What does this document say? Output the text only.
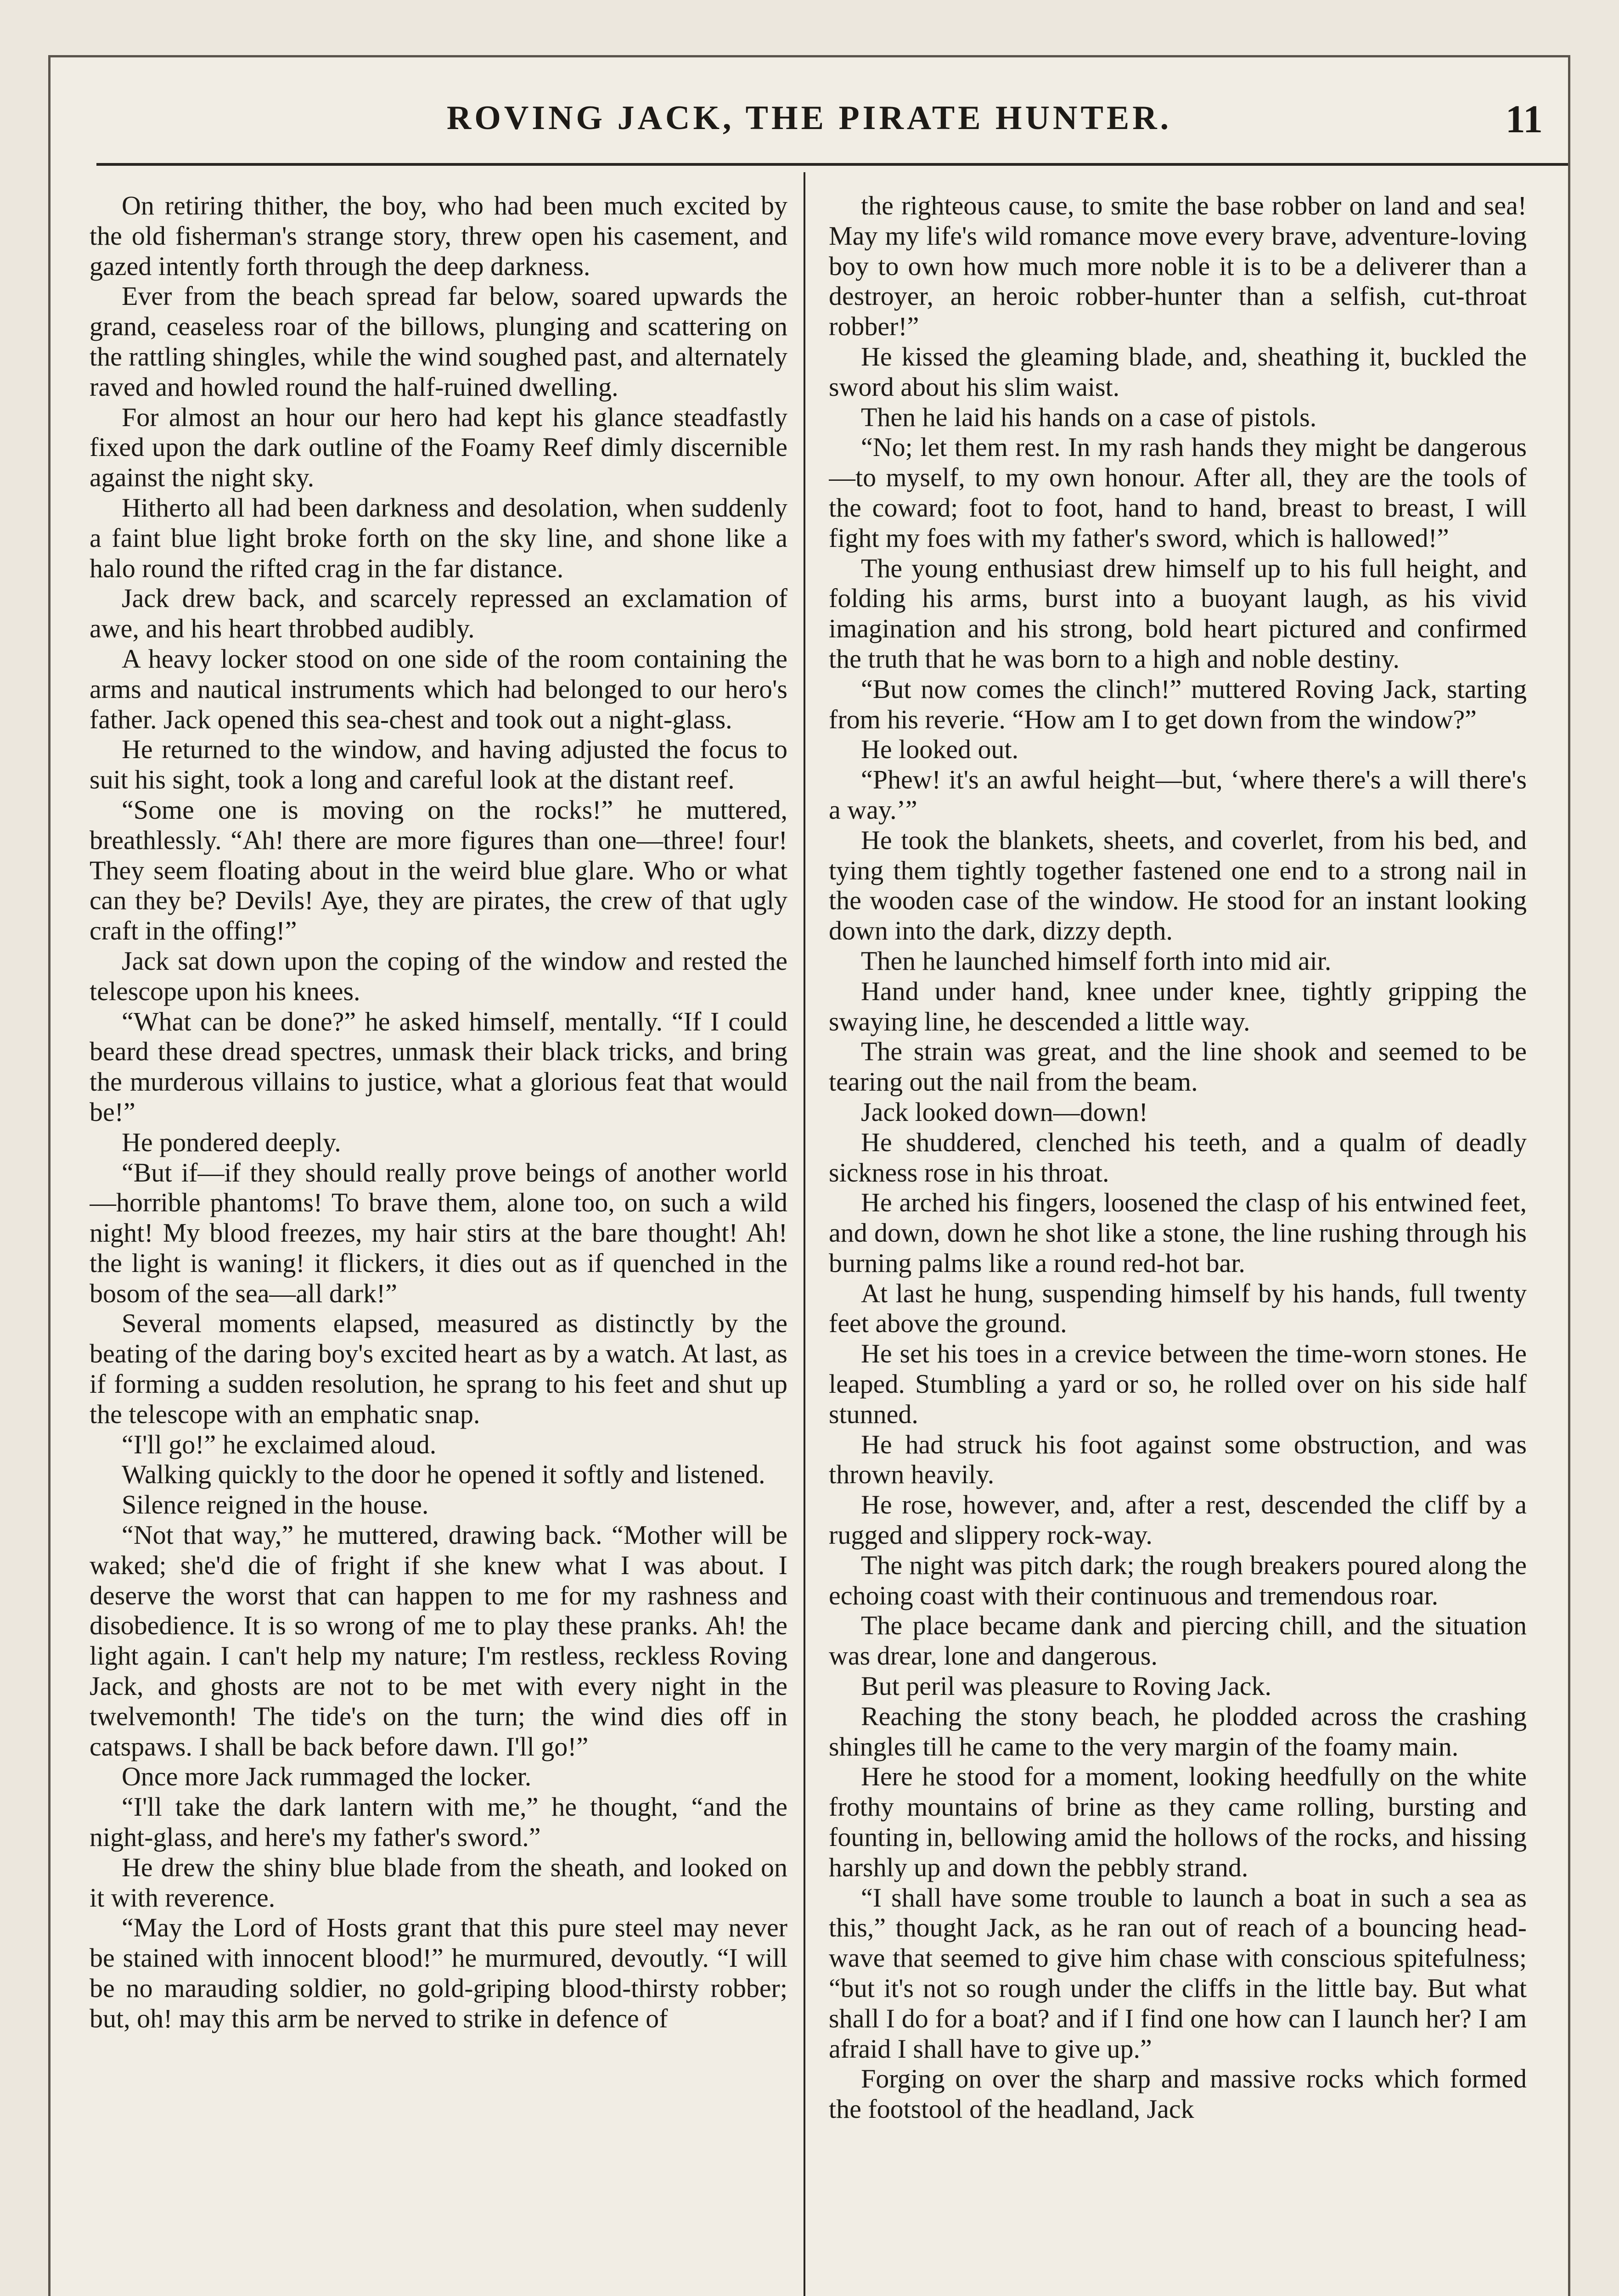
ROVING JACK, THE PIRATE HUNTER.	11

On retiring thither, the boy, who had been much excited by the old fisherman's strange story, threw open his casement, and gazed intently forth through the deep darkness.

Ever from the beach spread far below, soared upwards the grand, ceaseless roar of the billows, plunging and scattering on the rattling shingles, while the wind soughed past, and alternately raved and howled round the half-ruined dwelling.

For almost an hour our hero had kept his glance steadfastly fixed upon the dark outline of the Foamy Reef dimly discernible against the night sky.

Hitherto all had been darkness and desolation, when suddenly a faint blue light broke forth on the sky line, and shone like a halo round the rifted crag in the far distance.

Jack drew back, and scarcely repressed an exclamation of awe, and his heart throbbed audibly.

A heavy locker stood on one side of the room containing the arms and nautical instruments which had belonged to our hero's father. Jack opened this sea-chest and took out a night-glass.

He returned to the window, and having adjusted the focus to suit his sight, took a long and careful look at the distant reef.

“Some one is moving on the rocks!” he muttered, breathlessly. “Ah! there are more figures than one—three! four! They seem floating about in the weird blue glare. Who or what can they be? Devils! Aye, they are pirates, the crew of that ugly craft in the offing!”

Jack sat down upon the coping of the window and rested the telescope upon his knees.

“What can be done?” he asked himself, mentally. “If I could beard these dread spectres, unmask their black tricks, and bring the murderous villains to justice, what a glorious feat that would be!”

He pondered deeply.

“But if—if they should really prove beings of another world—horrible phantoms! To brave them, alone too, on such a wild night! My blood freezes, my hair stirs at the bare thought! Ah! the light is waning! it flickers, it dies out as if quenched in the bosom of the sea—all dark!”

Several moments elapsed, measured as distinctly by the beating of the daring boy's excited heart as by a watch. At last, as if forming a sudden resolution, he sprang to his feet and shut up the telescope with an emphatic snap.

“I'll go!” he exclaimed aloud.

Walking quickly to the door he opened it softly and listened.

Silence reigned in the house.

“Not that way,” he muttered, drawing back. “Mother will be waked; she'd die of fright if she knew what I was about. I deserve the worst that can happen to me for my rashness and disobedience. It is so wrong of me to play these pranks. Ah! the light again. I can't help my nature; I'm restless, reckless Roving Jack, and ghosts are not to be met with every night in the twelvemonth! The tide's on the turn; the wind dies off in catspaws. I shall be back before dawn. I'll go!”

Once more Jack rummaged the locker.

“I'll take the dark lantern with me,” he thought, “and the night-glass, and here's my father's sword.”

He drew the shiny blue blade from the sheath, and looked on it with reverence.

“May the Lord of Hosts grant that this pure steel may never be stained with innocent blood!” he murmured, devoutly. “I will be no marauding soldier, no gold-griping blood-thirsty robber; but, oh! may this arm be nerved to strike in defence of

the righteous cause, to smite the base robber on land and sea! May my life's wild romance move every brave, adventure-loving boy to own how much more noble it is to be a deliverer than a destroyer, an heroic robber-hunter than a selfish, cut-throat robber!”

He kissed the gleaming blade, and, sheathing it, buckled the sword about his slim waist.

Then he laid his hands on a case of pistols.

“No; let them rest. In my rash hands they might be dangerous—to myself, to my own honour. After all, they are the tools of the coward; foot to foot, hand to hand, breast to breast, I will fight my foes with my father's sword, which is hallowed!”

The young enthusiast drew himself up to his full height, and folding his arms, burst into a buoyant laugh, as his vivid imagination and his strong, bold heart pictured and confirmed the truth that he was born to a high and noble destiny.

“But now comes the clinch!” muttered Roving Jack, starting from his reverie. “How am I to get down from the window?”

He looked out.

“Phew! it's an awful height—but, ‘where there's a will there's a way.’”

He took the blankets, sheets, and coverlet, from his bed, and tying them tightly together fastened one end to a strong nail in the wooden case of the window. He stood for an instant looking down into the dark, dizzy depth.

Then he launched himself forth into mid air.

Hand under hand, knee under knee, tightly gripping the swaying line, he descended a little way.

The strain was great, and the line shook and seemed to be tearing out the nail from the beam.

Jack looked down—down!

He shuddered, clenched his teeth, and a qualm of deadly sickness rose in his throat.

He arched his fingers, loosened the clasp of his entwined feet, and down, down he shot like a stone, the line rushing through his burning palms like a round red-hot bar.

At last he hung, suspending himself by his hands, full twenty feet above the ground.

He set his toes in a crevice between the time-worn stones. He leaped. Stumbling a yard or so, he rolled over on his side half stunned.

He had struck his foot against some obstruction, and was thrown heavily.

He rose, however, and, after a rest, descended the cliff by a rugged and slippery rock-way.

The night was pitch dark; the rough breakers poured along the echoing coast with their continuous and tremendous roar.

The place became dank and piercing chill, and the situation was drear, lone and dangerous.

But peril was pleasure to Roving Jack.

Reaching the stony beach, he plodded across the crashing shingles till he came to the very margin of the foamy main.

Here he stood for a moment, looking heedfully on the white frothy mountains of brine as they came rolling, bursting and founting in, bellowing amid the hollows of the rocks, and hissing harshly up and down the pebbly strand.

“I shall have some trouble to launch a boat in such a sea as this,” thought Jack, as he ran out of reach of a bouncing head-wave that seemed to give him chase with conscious spitefulness; “but it's not so rough under the cliffs in the little bay. But what shall I do for a boat? and if I find one how can I launch her? I am afraid I shall have to give up.”

Forging on over the sharp and massive rocks which formed the footstool of the headland, Jack
